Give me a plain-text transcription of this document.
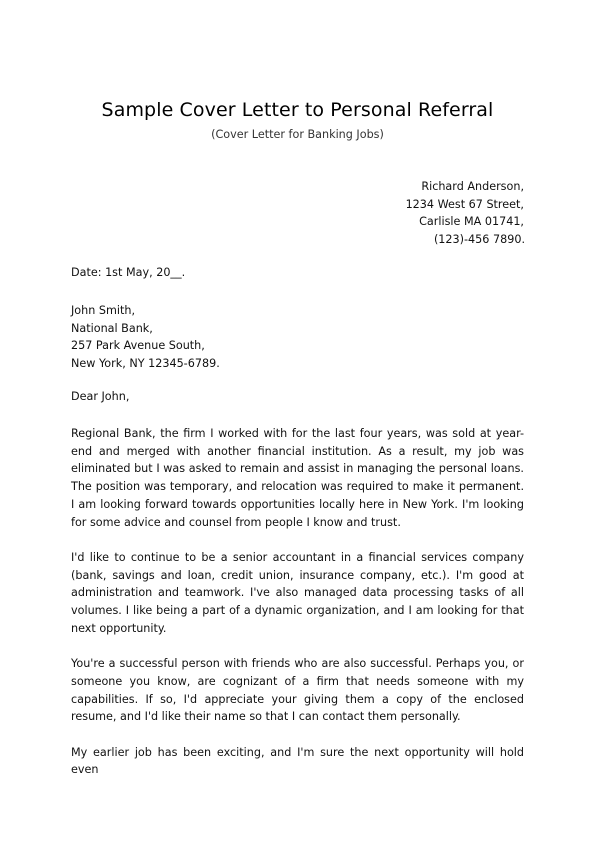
Sample Cover Letter to Personal Referral
(Cover Letter for Banking Jobs)
Richard Anderson,
1234 West 67 Street,
Carlisle MA 01741,
(123)-456 7890.
Date: 1st May, 20__.
John Smith,
National Bank,
257 Park Avenue South,
New York, NY 12345-6789.
Dear John,

Regional Bank, the firm I worked with for the last four years, was sold at year-end and merged with another financial institution. As a result, my job was eliminated but I was asked to remain and assist in managing the personal loans. The position was temporary, and relocation was required to make it permanent. I am looking forward towards opportunities locally here in New York. I'm looking for some advice and counsel from people I know and trust.

I'd like to continue to be a senior accountant in a financial services company (bank, savings and loan, credit union, insurance company, etc.). I'm good at administration and teamwork. I've also managed data processing tasks of all volumes. I like being a part of a dynamic organization, and I am looking for that next opportunity.

You're a successful person with friends who are also successful. Perhaps you, or someone you know, are cognizant of a firm that needs someone with my capabilities. If so, I'd appreciate your giving them a copy of the enclosed resume, and I'd like their name so that I can contact them personally.

My earlier job has been exciting, and I'm sure the next opportunity will hold even
